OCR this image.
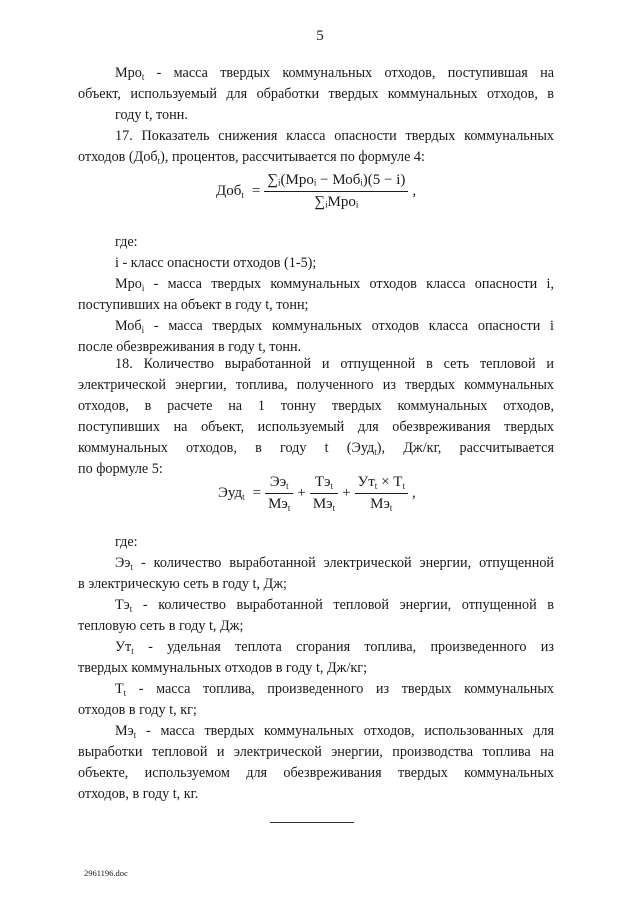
5
Мро$_t$ - масса твердых коммунальных отходов, поступившая на
объект, используемый для обработки твердых коммунальных отходов, в
году t, тонн.
17. Показатель снижения класса опасности твердых коммунальных
отходов (Доб$_t$), процентов, рассчитывается по формуле 4:
$Доб_t = \frac{\text{∑ᵢ(Мроᵢ − Мобᵢ)(5 − i)}}{\text{∑ᵢМроᵢ}}$ ,
где:
i - класс опасности отходов (1-5);
Мро$_i$ - масса твердых коммунальных отходов класса опасности i,
поступивших на объект в году t, тонн;
Моб$_i$ - масса твердых коммунальных отходов класса опасности i
после обезвреживания в году t, тонн.
18. Количество выработанной и отпущенной в сеть тепловой и
электрической энергии, топлива, полученного из твердых коммунальных
отходов, в расчете на 1 тонну твердых коммунальных отходов,
поступивших на объект, используемый для обезвреживания твердых
коммунальных отходов, в году t (Эуд$_t$), Дж/кг, рассчитывается
по формуле 5:
$Эуд_t = \frac{Ээ_t}{Мэ_t} + \frac{Тэ_t}{Мэ_t} + \frac{Ут_t \times Т_t}{Мэ_t}$ ,
где:
$Ээ_t$ - количество выработанной электрической энергии, отпущенной
в электрическую сеть в году t, Дж;
$Тэ_t$ - количество выработанной тепловой энергии, отпущенной в
тепловую сеть в году t, Дж;
$Ут_t$ - удельная теплота сгорания топлива, произведенного из
твердых коммунальных отходов в году t, Дж/кг;
$Т_t$ - масса топлива, произведенного из твердых коммунальных
отходов в году t, кг;
$Мэ_t$ - масса твердых коммунальных отходов, использованных для
выработки тепловой и электрической энергии, производства топлива на
объекте, используемом для обезвреживания твердых коммунальных
отходов, в году t, кг.
2961196.doc
